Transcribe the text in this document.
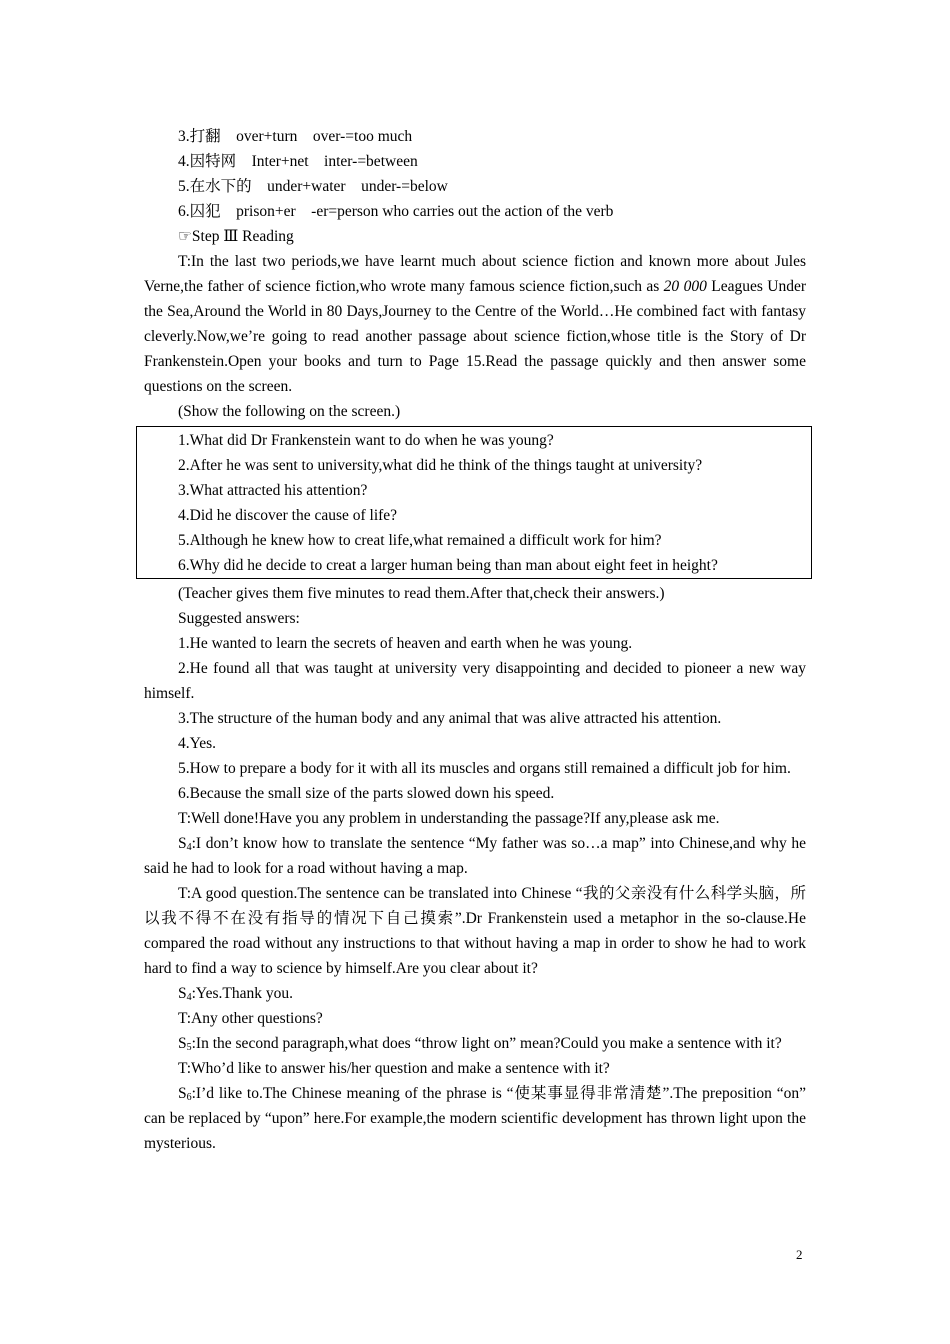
3.打翻　over+turn　over-=too much

4.因特网　Inter+net　inter-=between

5.在水下的　under+water　under-=below

6.囚犯　prison+er　-er=person who carries out the action of the verb

☞Step Ⅲ Reading

T:In the last two periods,we have learnt much about science fiction and known more about Jules Verne,the father of science fiction,who wrote many famous science fiction,such as 20 000 Leagues Under the Sea,Around the World in 80 Days,Journey to the Centre of the World…He combined fact with fantasy cleverly.Now,we’re going to read another passage about science fiction,whose title is the Story of Dr Frankenstein.Open your books and turn to Page 15.Read the passage quickly and then answer some questions on the screen.

(Show the following on the screen.)

1.What did Dr Frankenstein want to do when he was young?

2.After he was sent to university,what did he think of the things taught at university?

3.What attracted his attention?

4.Did he discover the cause of life?

5.Although he knew how to creat life,what remained a difficult work for him?

6.Why did he decide to creat a larger human being than man about eight feet in height?

(Teacher gives them five minutes to read them.After that,check their answers.)

Suggested answers:

1.He wanted to learn the secrets of heaven and earth when he was young.

2.He found all that was taught at university very disappointing and decided to pioneer a new way himself.

3.The structure of the human body and any animal that was alive attracted his attention.

4.Yes.

5.How to prepare a body for it with all its muscles and organs still remained a difficult job for him.

6.Because the small size of the parts slowed down his speed.

T:Well done!Have you any problem in understanding the passage?If any,please ask me.

$S_4:I$ don’t know how to translate the sentence “My father was so…a map” into Chinese,and why he said he had to look for a road without having a map.

T:A good question.The sentence can be translated into Chinese “我的父亲没有什么科学头脑，所以我不得不在没有指导的情况下自己摸索”.Dr Frankenstein used a metaphor in the so-clause.He compared the road without any instructions to that without having a map in order to show he had to work hard to find a way to science by himself.Are you clear about it?

$S_4:Yes.Thank$ you.

T:Any other questions?

$S_5:In$ the second paragraph,what does “throw light on” mean?Could you make a sentence with it?

T:Who’d like to answer his/her question and make a sentence with it?

$S_6:I’d$ like to.The Chinese meaning of the phrase is “使某事显得非常清楚”.The preposition “on” can be replaced by “upon” here.For example,the modern scientific development has thrown light upon the mysterious.

2
